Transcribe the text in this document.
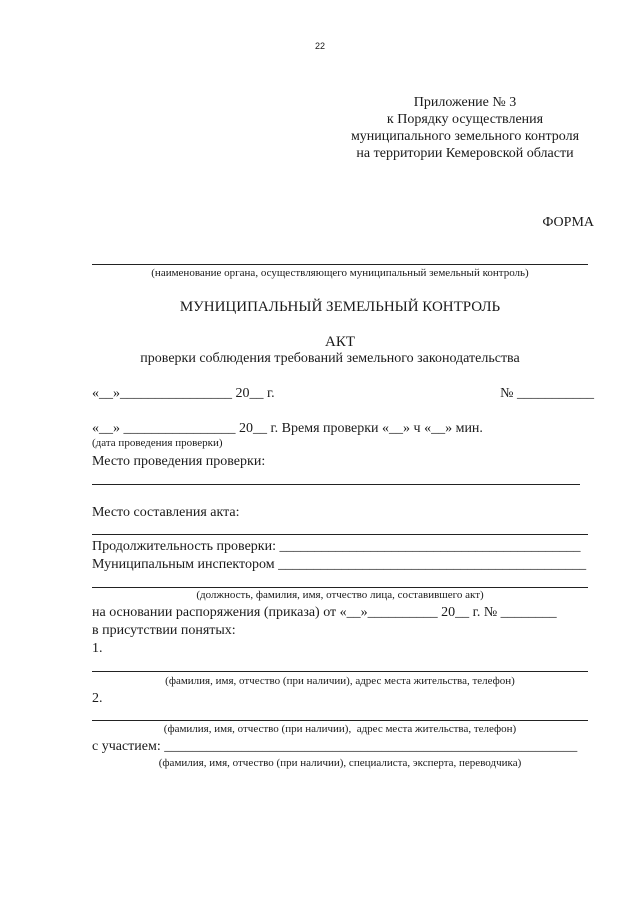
22
Приложение № 3
к Порядку осуществления
муниципального земельного контроля
на территории Кемеровской области
ФОРМА
(наименование органа, осуществляющего муниципальный земельный контроль)
МУНИЦИПАЛЬНЫЙ ЗЕМЕЛЬНЫЙ КОНТРОЛЬ
АКТ
проверки соблюдения требований земельного законодательства
«__»________________ 20__ г.	№ ___________
«__» ________________ 20__ г. Время проверки «__» ч «__» мин.
(дата проведения проверки)
Место проведения проверки:
Место составления акта:
Продолжительность проверки: ___________________________________________
Муниципальным инспектором ____________________________________________
(должность, фамилия, имя, отчество лица, составившего акт)
на основании распоряжения (приказа) от «__»__________ 20__ г. № ________
в присутствии понятых:
1.
(фамилия, имя, отчество (при наличии), адрес места жительства, телефон)
2.
(фамилия, имя, отчество (при наличии),  адрес места жительства, телефон)
с участием: ___________________________________________________________
(фамилия, имя, отчество (при наличии), специалиста, эксперта, переводчика)
